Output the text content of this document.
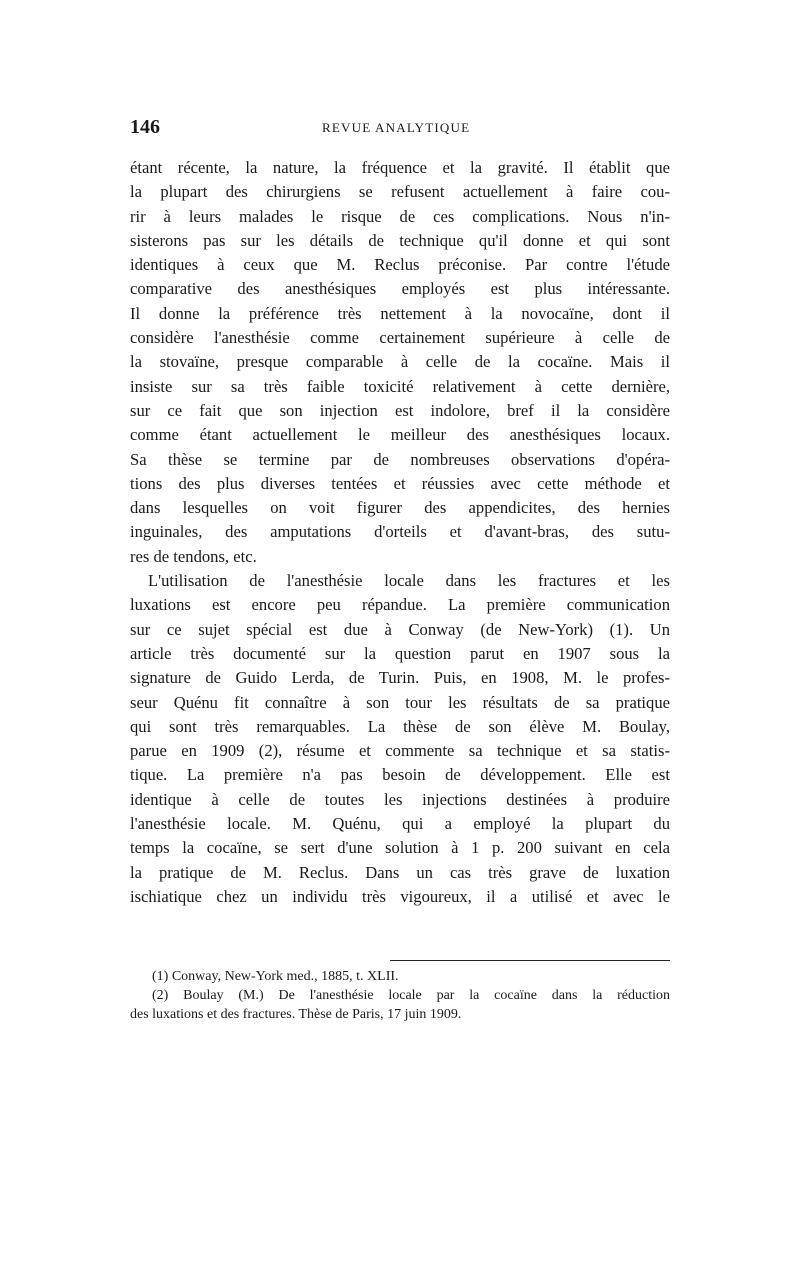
146	REVUE ANALYTIQUE
étant récente, la nature, la fréquence et la gravité. Il établit que
la plupart des chirurgiens se refusent actuellement à faire cou-
rir à leurs malades le risque de ces complications. Nous n'in-
sisterons pas sur les détails de technique qu'il donne et qui sont
identiques à ceux que M. Reclus préconise. Par contre l'étude
comparative des anesthésiques employés est plus intéressante.
Il donne la préférence très nettement à la novocaïne, dont il
considère l'anesthésie comme certainement supérieure à celle de
la stovaïne, presque comparable à celle de la cocaïne. Mais il
insiste sur sa très faible toxicité relativement à cette dernière,
sur ce fait que son injection est indolore, bref il la considère
comme étant actuellement le meilleur des anesthésiques locaux.
Sa thèse se termine par de nombreuses observations d'opéra-
tions des plus diverses tentées et réussies avec cette méthode et
dans lesquelles on voit figurer des appendicites, des hernies
inguinales, des amputations d'orteils et d'avant-bras, des sutu-
res de tendons, etc.
L'utilisation de l'anesthésie locale dans les fractures et les
luxations est encore peu répandue. La première communication
sur ce sujet spécial est due à Conway (de New-York) (1). Un
article très documenté sur la question parut en 1907 sous la
signature de Guido Lerda, de Turin. Puis, en 1908, M. le profes-
seur Quénu fit connaître à son tour les résultats de sa pratique
qui sont très remarquables. La thèse de son élève M. Boulay,
parue en 1909 (2), résume et commente sa technique et sa statis-
tique. La première n'a pas besoin de développement. Elle est
identique à celle de toutes les injections destinées à produire
l'anesthésie locale. M. Quénu, qui a employé la plupart du
temps la cocaïne, se sert d'une solution à 1 p. 200 suivant en cela
la pratique de M. Reclus. Dans un cas très grave de luxation
ischiatique chez un individu très vigoureux, il a utilisé et avec le
(1) Conway, New-York med., 1885, t. XLII.
(2) Boulay (M.) De l'anesthésie locale par la cocaïne dans la réduction
des luxations et des fractures. Thèse de Paris, 17 juin 1909.
